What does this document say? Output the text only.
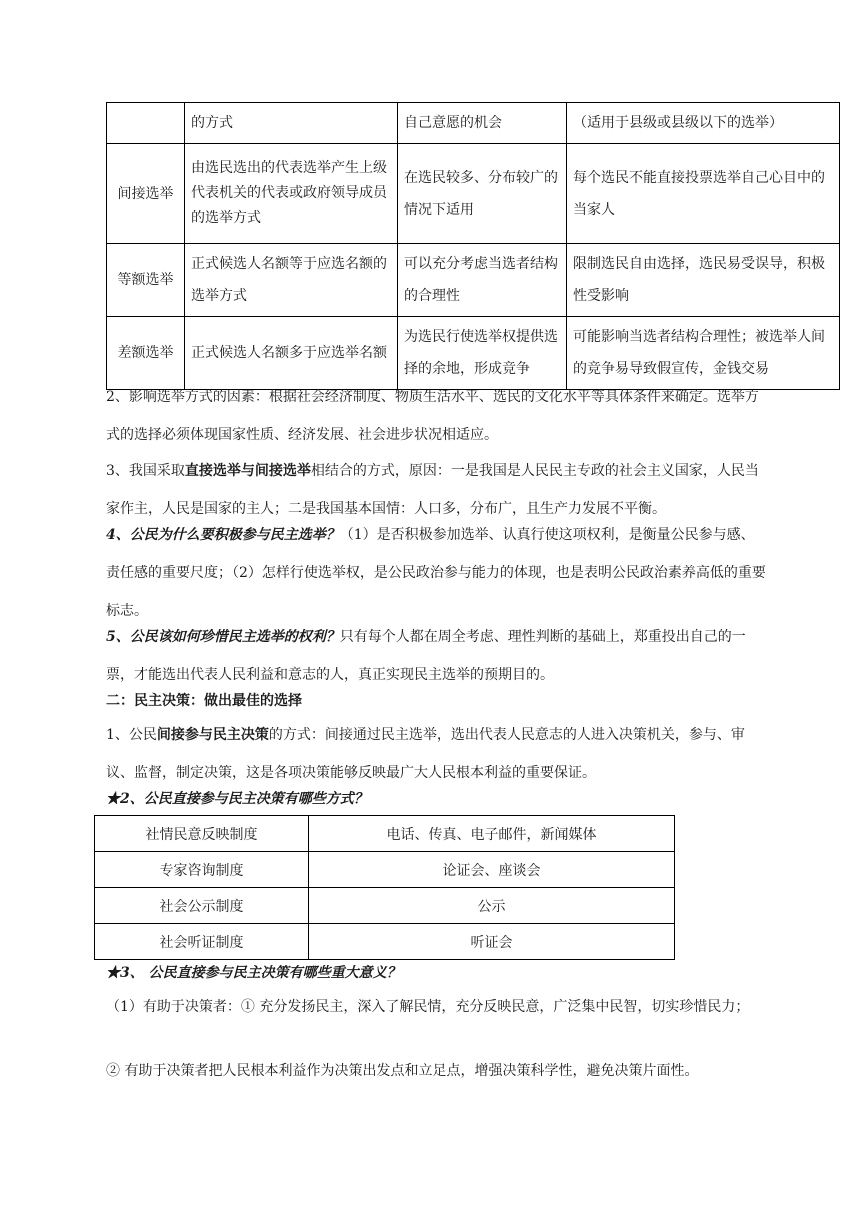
	的方式	自己意愿的机会	（适用于县级或县级以下的选举）
间接选举	由选民选出的代表选举产生上级代表机关的代表或政府领导成员的选举方式	在选民较多、分布较广的情况下适用	每个选民不能直接投票选举自己心目中的当家人
等额选举	正式候选人名额等于应选名额的选举方式	可以充分考虑当选者结构的合理性	限制选民自由选择，选民易受误导，积极性受影响
差额选举	正式候选人名额多于应选举名额	为选民行使选举权提供选择的余地，形成竞争	可能影响当选者结构合理性；被选举人间的竞争易导致假宣传，金钱交易

2、影响选举方式的因素：根据社会经济制度、物质生活水平、选民的文化水平等具体条件来确定。选举方式的选择必须体现国家性质、经济发展、社会进步状况相适应。

3、我国采取直接选举与间接选举相结合的方式，原因：一是我国是人民民主专政的社会主义国家，人民当家作主，人民是国家的主人；二是我国基本国情：人口多，分布广，且生产力发展不平衡。

4、公民为什么要积极参与民主选举？（1）是否积极参加选举、认真行使这项权利，是衡量公民参与感、责任感的重要尺度；（2）怎样行使选举权，是公民政治参与能力的体现，也是表明公民政治素养高低的重要标志。

5、公民该如何珍惜民主选举的权利？只有每个人都在周全考虑、理性判断的基础上，郑重投出自己的一票，才能选出代表人民利益和意志的人，真正实现民主选举的预期目的。

二：民主决策：做出最佳的选择

1、公民间接参与民主决策的方式：间接通过民主选举，选出代表人民意志的人进入决策机关，参与、审议、监督，制定决策，这是各项决策能够反映最广大人民根本利益的重要保证。

★2、公民直接参与民主决策有哪些方式？

社情民意反映制度	电话、传真、电子邮件，新闻媒体
专家咨询制度	论证会、座谈会
社会公示制度	公示
社会听证制度	听证会

★3、 公民直接参与民主决策有哪些重大意义？

（1）有助于决策者：① 充分发扬民主，深入了解民情，充分反映民意，广泛集中民智，切实珍惜民力；

② 有助于决策者把人民根本利益作为决策出发点和立足点，增强决策科学性，避免决策片面性。
